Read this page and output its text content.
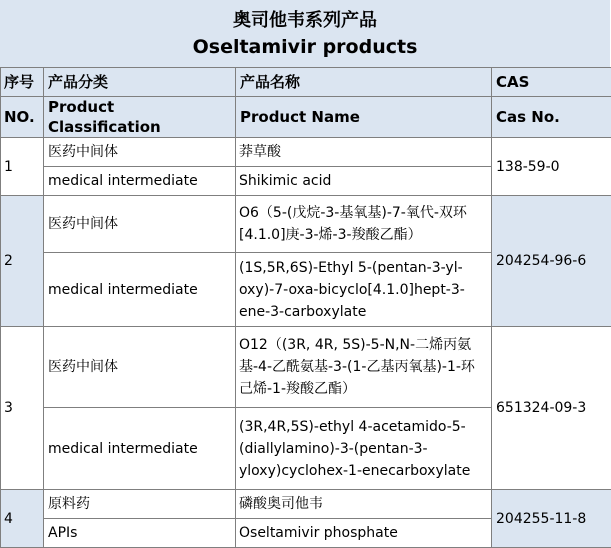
奥司他韦系列产品
Oseltamivir products
序号	产品分类	产品名称	CAS
NO.	Product Classification	Product Name	Cas No.
1	医药中间体	莽草酸	138-59-0
	medical intermediate	Shikimic acid	
2	医药中间体	O6（5-(戊烷-3-基氧基)-7-氧代-双环[4.1.0]庚-3-烯-3-羧酸乙酯）	204254-96-6
	medical intermediate	(1S,5R,6S)-Ethyl 5-(pentan-3-yl-oxy)-7-oxa-bicyclo[4.1.0]hept-3-ene-3-carboxylate	
3	医药中间体	O12（(3R, 4R, 5S)-5-N,N-二烯丙氨基-4-乙酰氨基-3-(1-乙基丙氧基)-1-环己烯-1-羧酸乙酯）	651324-09-3
	medical intermediate	(3R,4R,5S)-ethyl 4-acetamido-5-(diallylamino)-3-(pentan-3-yloxy)cyclohex-1-enecarboxylate	
4	原料药	磷酸奥司他韦	204255-11-8
	APIs	Oseltamivir phosphate	
